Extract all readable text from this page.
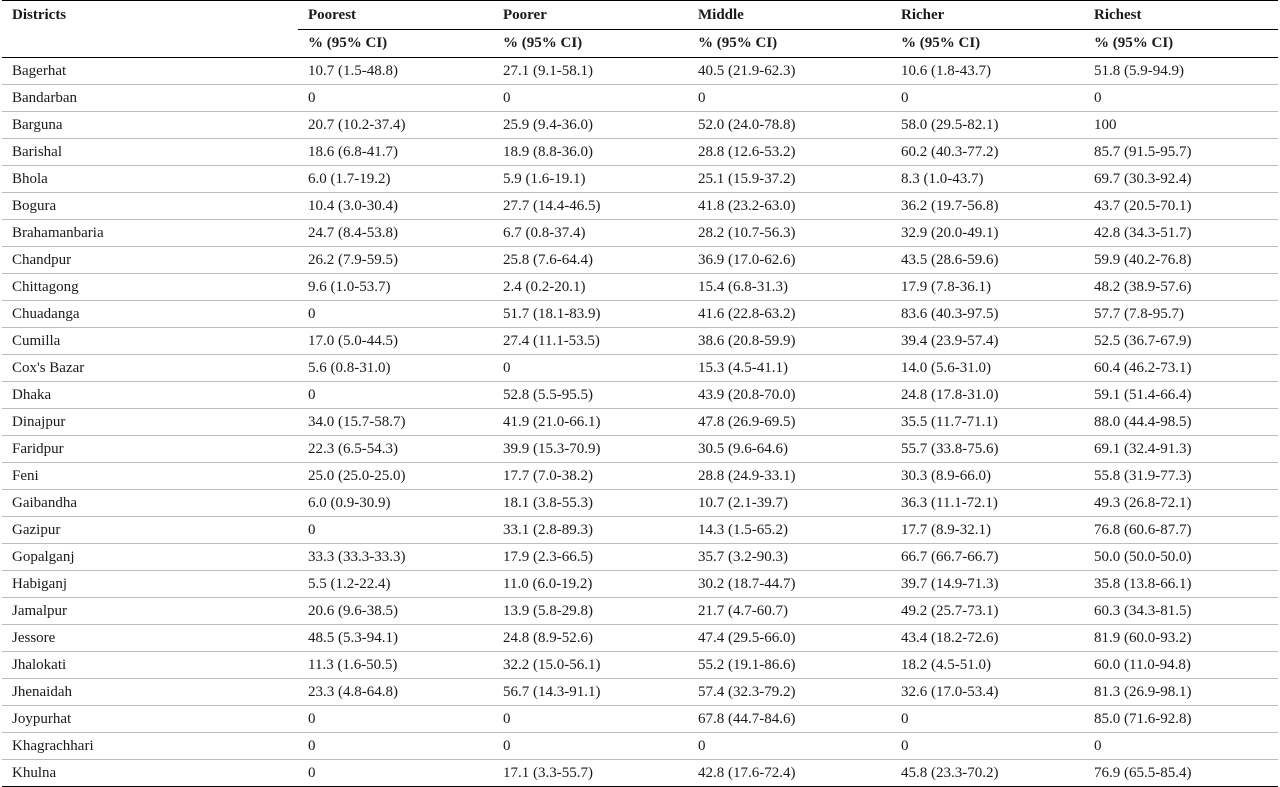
Districts	Poorest	Poorer	Middle	Richer	Richest
	% (95% CI)	% (95% CI)	% (95% CI)	% (95% CI)	% (95% CI)
Bagerhat	10.7 (1.5-48.8)	27.1 (9.1-58.1)	40.5 (21.9-62.3)	10.6 (1.8-43.7)	51.8 (5.9-94.9)
Bandarban	0	0	0	0	0
Barguna	20.7 (10.2-37.4)	25.9 (9.4-36.0)	52.0 (24.0-78.8)	58.0 (29.5-82.1)	100
Barishal	18.6 (6.8-41.7)	18.9 (8.8-36.0)	28.8 (12.6-53.2)	60.2 (40.3-77.2)	85.7 (91.5-95.7)
Bhola	6.0 (1.7-19.2)	5.9 (1.6-19.1)	25.1 (15.9-37.2)	8.3 (1.0-43.7)	69.7 (30.3-92.4)
Bogura	10.4 (3.0-30.4)	27.7 (14.4-46.5)	41.8 (23.2-63.0)	36.2 (19.7-56.8)	43.7 (20.5-70.1)
Brahamanbaria	24.7 (8.4-53.8)	6.7 (0.8-37.4)	28.2 (10.7-56.3)	32.9 (20.0-49.1)	42.8 (34.3-51.7)
Chandpur	26.2 (7.9-59.5)	25.8 (7.6-64.4)	36.9 (17.0-62.6)	43.5 (28.6-59.6)	59.9 (40.2-76.8)
Chittagong	9.6 (1.0-53.7)	2.4 (0.2-20.1)	15.4 (6.8-31.3)	17.9 (7.8-36.1)	48.2 (38.9-57.6)
Chuadanga	0	51.7 (18.1-83.9)	41.6 (22.8-63.2)	83.6 (40.3-97.5)	57.7 (7.8-95.7)
Cumilla	17.0 (5.0-44.5)	27.4 (11.1-53.5)	38.6 (20.8-59.9)	39.4 (23.9-57.4)	52.5 (36.7-67.9)
Cox's Bazar	5.6 (0.8-31.0)	0	15.3 (4.5-41.1)	14.0 (5.6-31.0)	60.4 (46.2-73.1)
Dhaka	0	52.8 (5.5-95.5)	43.9 (20.8-70.0)	24.8 (17.8-31.0)	59.1 (51.4-66.4)
Dinajpur	34.0 (15.7-58.7)	41.9 (21.0-66.1)	47.8 (26.9-69.5)	35.5 (11.7-71.1)	88.0 (44.4-98.5)
Faridpur	22.3 (6.5-54.3)	39.9 (15.3-70.9)	30.5 (9.6-64.6)	55.7 (33.8-75.6)	69.1 (32.4-91.3)
Feni	25.0 (25.0-25.0)	17.7 (7.0-38.2)	28.8 (24.9-33.1)	30.3 (8.9-66.0)	55.8 (31.9-77.3)
Gaibandha	6.0 (0.9-30.9)	18.1 (3.8-55.3)	10.7 (2.1-39.7)	36.3 (11.1-72.1)	49.3 (26.8-72.1)
Gazipur	0	33.1 (2.8-89.3)	14.3 (1.5-65.2)	17.7 (8.9-32.1)	76.8 (60.6-87.7)
Gopalganj	33.3 (33.3-33.3)	17.9 (2.3-66.5)	35.7 (3.2-90.3)	66.7 (66.7-66.7)	50.0 (50.0-50.0)
Habiganj	5.5 (1.2-22.4)	11.0 (6.0-19.2)	30.2 (18.7-44.7)	39.7 (14.9-71.3)	35.8 (13.8-66.1)
Jamalpur	20.6 (9.6-38.5)	13.9 (5.8-29.8)	21.7 (4.7-60.7)	49.2 (25.7-73.1)	60.3 (34.3-81.5)
Jessore	48.5 (5.3-94.1)	24.8 (8.9-52.6)	47.4 (29.5-66.0)	43.4 (18.2-72.6)	81.9 (60.0-93.2)
Jhalokati	11.3 (1.6-50.5)	32.2 (15.0-56.1)	55.2 (19.1-86.6)	18.2 (4.5-51.0)	60.0 (11.0-94.8)
Jhenaidah	23.3 (4.8-64.8)	56.7 (14.3-91.1)	57.4 (32.3-79.2)	32.6 (17.0-53.4)	81.3 (26.9-98.1)
Joypurhat	0	0	67.8 (44.7-84.6)	0	85.0 (71.6-92.8)
Khagrachhari	0	0	0	0	0
Khulna	0	17.1 (3.3-55.7)	42.8 (17.6-72.4)	45.8 (23.3-70.2)	76.9 (65.5-85.4)
